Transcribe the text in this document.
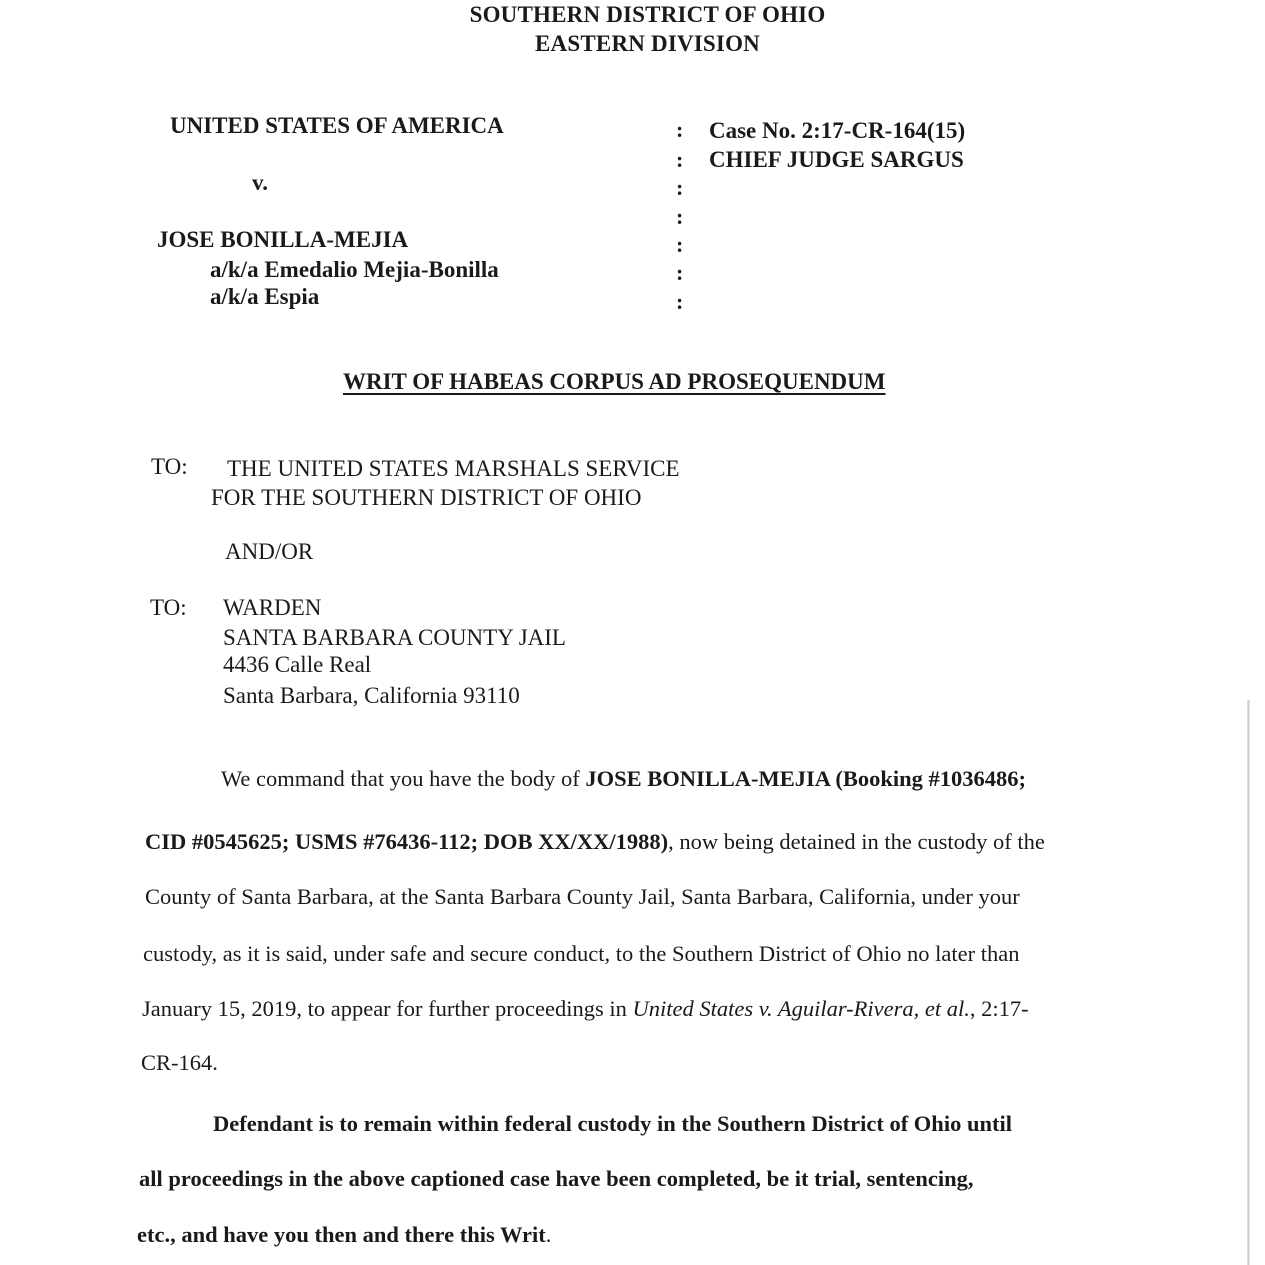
SOUTHERN DISTRICT OF OHIO
EASTERN DIVISION
UNITED STATES OF AMERICA
v.
JOSE BONILLA-MEJIA
a/k/a Emedalio Mejia-Bonilla
a/k/a Espia
:
:
:
:
:
:
:
Case No. 2:17-CR-164(15)
CHIEF JUDGE SARGUS
WRIT OF HABEAS CORPUS AD PROSEQUENDUM
TO: THE UNITED STATES MARSHALS SERVICE
FOR THE SOUTHERN DISTRICT OF OHIO
AND/OR
TO: WARDEN
SANTA BARBARA COUNTY JAIL
4436 Calle Real
Santa Barbara, California 93110
We command that you have the body of JOSE BONILLA-MEJIA (Booking #1036486;
CID #0545625; USMS #76436-112; DOB XX/XX/1988), now being detained in the custody of the
County of Santa Barbara, at the Santa Barbara County Jail, Santa Barbara, California, under your
custody, as it is said, under safe and secure conduct, to the Southern District of Ohio no later than
January 15, 2019, to appear for further proceedings in United States v. Aguilar-Rivera, et al., 2:17-
CR-164.
Defendant is to remain within federal custody in the Southern District of Ohio until
all proceedings in the above captioned case have been completed, be it trial, sentencing,
etc., and have you then and there this Writ.
